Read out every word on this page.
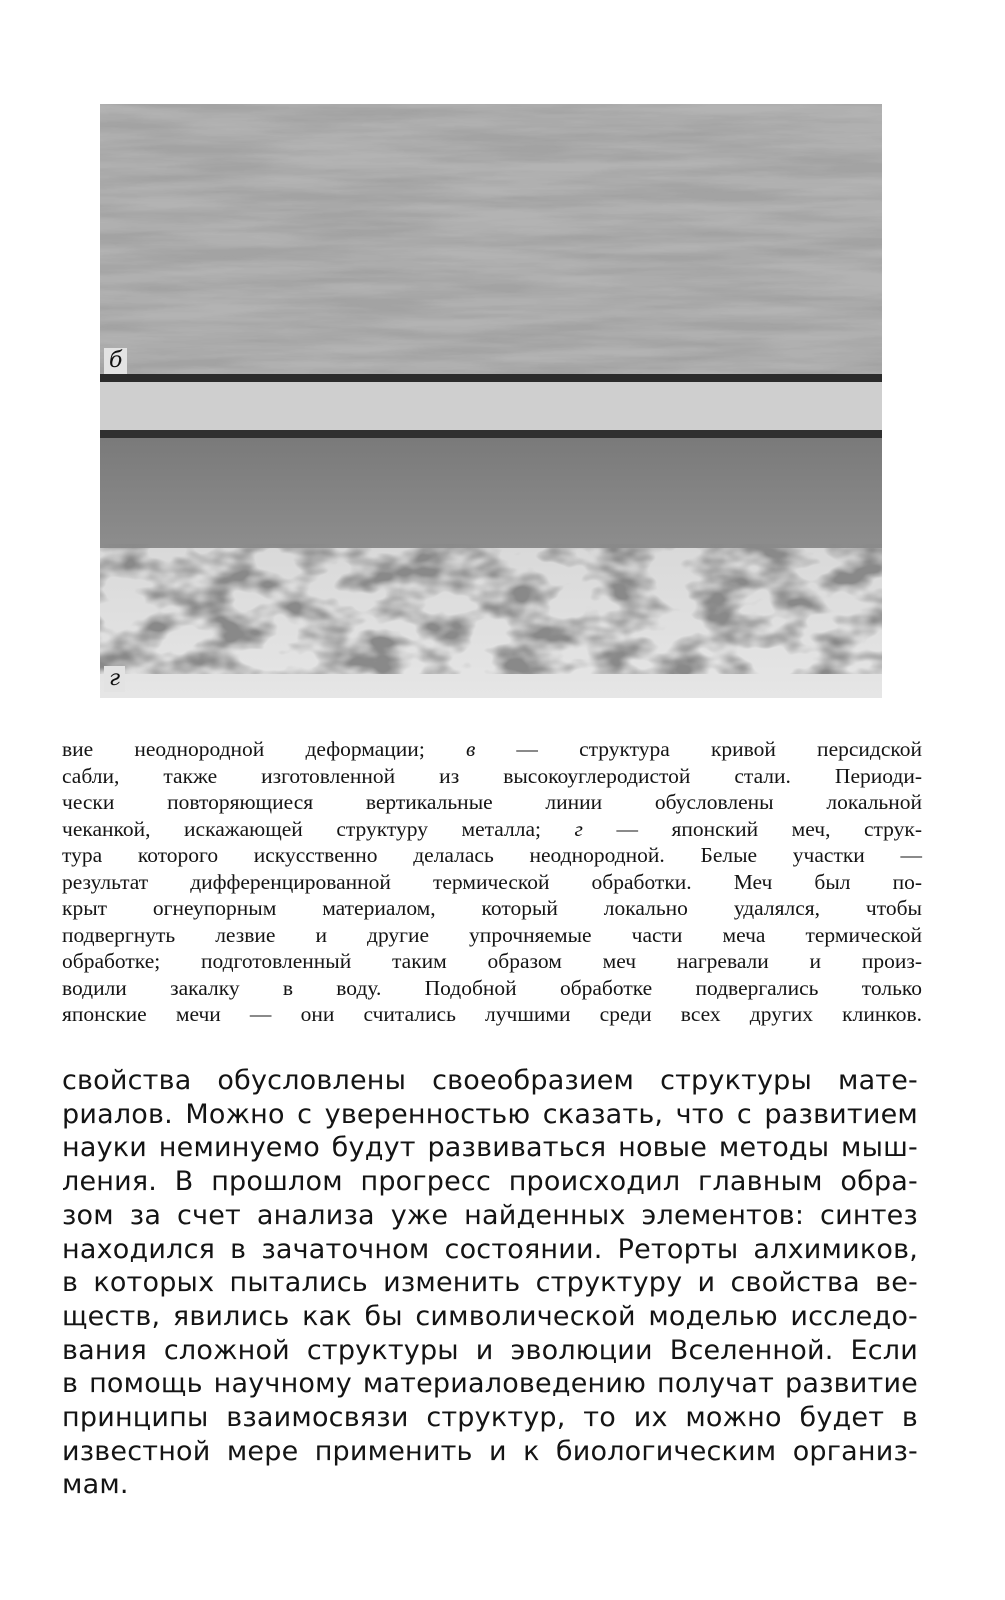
б
г
вие неоднородной деформации; в — структура кривой персидской
сабли, также изготовленной из высокоуглеродистой стали. Периоди-
чески повторяющиеся вертикальные линии обусловлены локальной
чеканкой, искажающей структуру металла; г — японский меч, струк-
тура которого искусственно делалась неоднородной. Белые участки —
результат дифференцированной термической обработки. Меч был по-
крыт огнеупорным материалом, который локально удалялся, чтобы
подвергнуть лезвие и другие упрочняемые части меча термической
обработке; подготовленный таким образом меч нагревали и произ-
водили закалку в воду. Подобной обработке подвергались только
японские мечи — они считались лучшими среди всех других клинков.
свойства обусловлены своеобразием структуры мате-
риалов. Можно с уверенностью сказать, что с развитием
науки неминуемо будут развиваться новые методы мыш-
ления. В прошлом прогресс происходил главным обра-
зом за счет анализа уже найденных элементов: синтез
находился в зачаточном состоянии. Реторты алхимиков,
в которых пытались изменить структуру и свойства ве-
ществ, явились как бы символической моделью исследо-
вания сложной структуры и эволюции Вселенной. Если
в помощь научному материаловедению получат развитие
принципы взаимосвязи структур, то их можно будет в
известной мере применить и к биологическим организ-
мам.
